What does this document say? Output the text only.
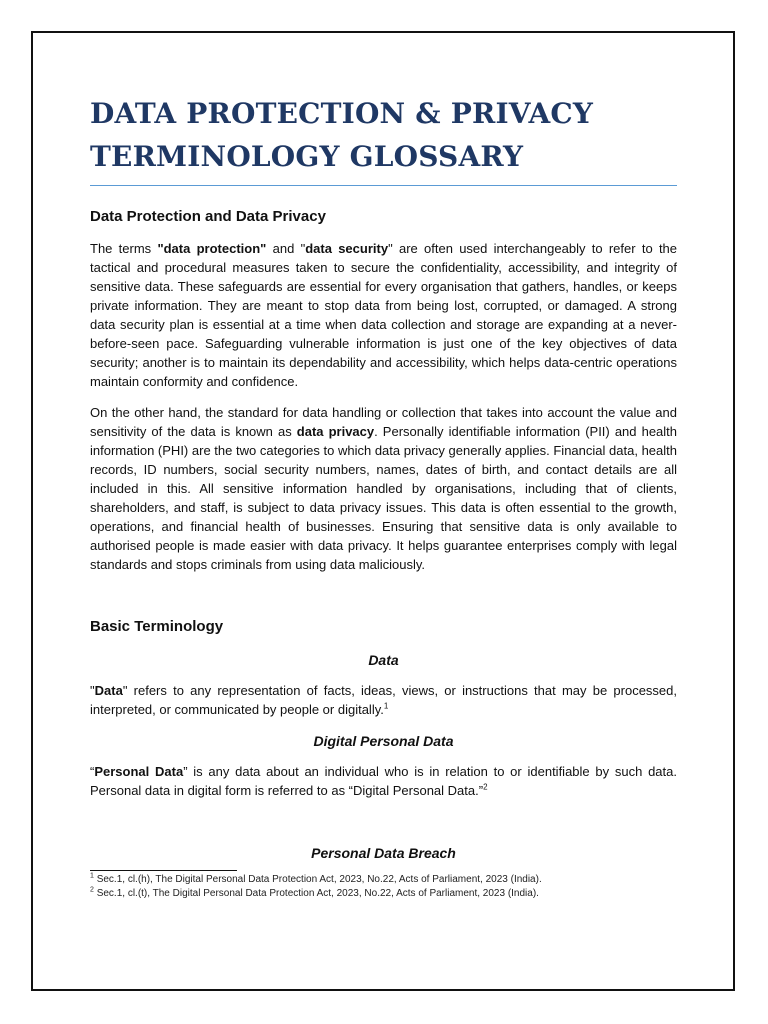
DATA PROTECTION & PRIVACY
TERMINOLOGY GLOSSARY
Data Protection and Data Privacy

The terms "data protection" and "data security" are often used interchangeably to refer to the tactical and procedural measures taken to secure the confidentiality, accessibility, and integrity of sensitive data. These safeguards are essential for every organisation that gathers, handles, or keeps private information. They are meant to stop data from being lost, corrupted, or damaged. A strong data security plan is essential at a time when data collection and storage are expanding at a never-before-seen pace. Safeguarding vulnerable information is just one of the key objectives of data security; another is to maintain its dependability and accessibility, which helps data-centric operations maintain conformity and confidence.

On the other hand, the standard for data handling or collection that takes into account the value and sensitivity of the data is known as data privacy. Personally identifiable information (PII) and health information (PHI) are the two categories to which data privacy generally applies. Financial data, health records, ID numbers, social security numbers, names, dates of birth, and contact details are all included in this. All sensitive information handled by organisations, including that of clients, shareholders, and staff, is subject to data privacy issues. This data is often essential to the growth, operations, and financial health of businesses. Ensuring that sensitive data is only available to authorised people is made easier with data privacy. It helps guarantee enterprises comply with legal standards and stops criminals from using data maliciously.

Basic Terminology
Data

"Data" refers to any representation of facts, ideas, views, or instructions that may be processed, interpreted, or communicated by people or digitally.$^1$

Digital Personal Data

“Personal Data” is any data about an individual who is in relation to or identifiable by such data. Personal data in digital form is referred to as “Digital Personal Data.”$^2$

Personal Data Breach
$^1$ Sec.1, cl.(h), The Digital Personal Data Protection Act, 2023, No.22, Acts of Parliament, 2023 (India).
$^2$ Sec.1, cl.(t), The Digital Personal Data Protection Act, 2023, No.22, Acts of Parliament, 2023 (India).
